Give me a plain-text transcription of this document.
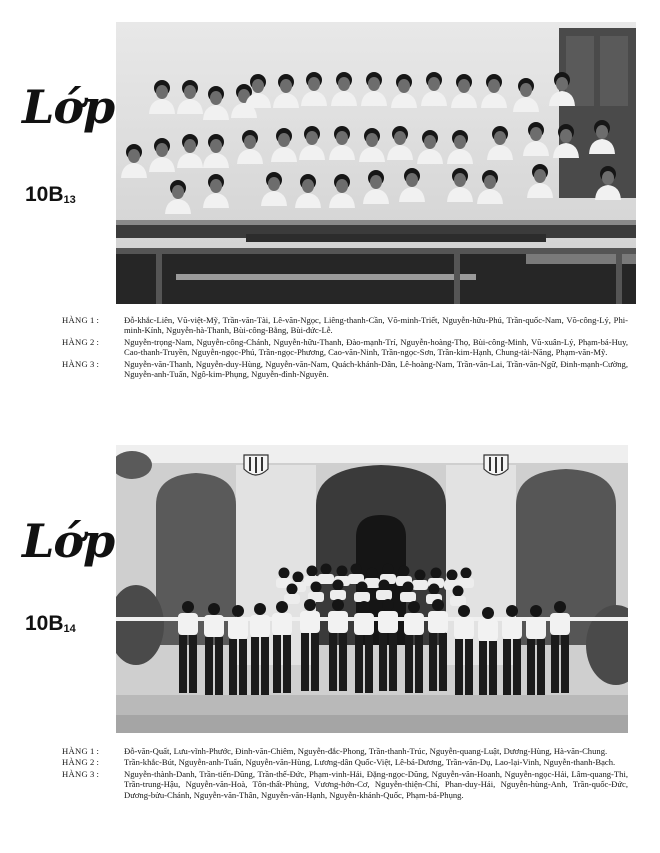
Lớp
$10B_{13}$
HÀNG 1 :	Đỗ-khắc-Liên, Vũ-việt-Mỹ, Trần-văn-Tài, Lê-văn-Ngọc, Liêng-thanh-Cần, Võ-minh-Triết, Nguyễn-hữu-Phú, Trần-quốc-Nam, Võ-công-Lý, Phi-minh-Kính, Nguyễn-hà-Thanh, Bùi-công-Bằng, Bùi-đức-Lễ.
HÀNG 2 :	Nguyễn-trọng-Nam, Nguyễn-công-Chánh, Nguyễn-hữu-Thanh, Đào-mạnh-Trí, Nguyễn-hoàng-Thọ, Bùi-công-Minh, Vũ-xuân-Lý, Phạm-bá-Huy, Cao-thanh-Truyền, Nguyễn-ngọc-Phú, Trần-ngọc-Phương, Cao-văn-Ninh, Trần-ngọc-Sơn, Trần-kim-Hạnh, Chung-tài-Năng, Phạm-văn-Mỹ.
HÀNG 3 :	Nguyễn-văn-Thanh, Nguyễn-duy-Hùng, Nguyễn-văn-Nam, Quách-khánh-Dân, Lê-hoàng-Nam, Trần-văn-Lai, Trần-văn-Ngữ, Đinh-mạnh-Cường, Nguyễn-anh-Tuấn, Ngô-kim-Phụng, Nguyễn-đình-Nguyên.
Lớp
$10B_{14}$
HÀNG 1 :	Đỗ-văn-Quất, Lưu-vĩnh-Phước, Đinh-văn-Chiêm, Nguyễn-đắc-Phong, Trần-thanh-Trúc, Nguyễn-quang-Luật, Dương-Hùng, Hà-văn-Chung.
HÀNG 2 :	Trần-khắc-Bút, Nguyễn-anh-Tuấn, Nguyễn-văn-Hùng, Lương-dân Quốc-Việt, Lê-bá-Dương, Trần-văn-Dụ, Lao-lại-Vinh, Nguyễn-thanh-Bạch.
HÀNG 3 :	Nguyễn-thành-Danh, Trần-tiến-Dũng, Trần-thế-Đức, Phạm-vinh-Hải, Đặng-ngọc-Dũng, Nguyễn-văn-Hoanh, Nguyễn-ngọc-Hải, Lâm-quang-Thi, Trần-trung-Hậu, Nguyễn-văn-Hoà, Tôn-thất-Phùng, Vương-hớn-Cơ, Nguyễn-thiện-Chí, Phan-duy-Hải, Nguyễn-hùng-Anh, Trần-quốc-Đức, Dương-bửu-Chánh, Nguyễn-văn-Thân, Nguyễn-văn-Hạnh, Nguyễn-khánh-Quốc, Phạm-bá-Phụng.
